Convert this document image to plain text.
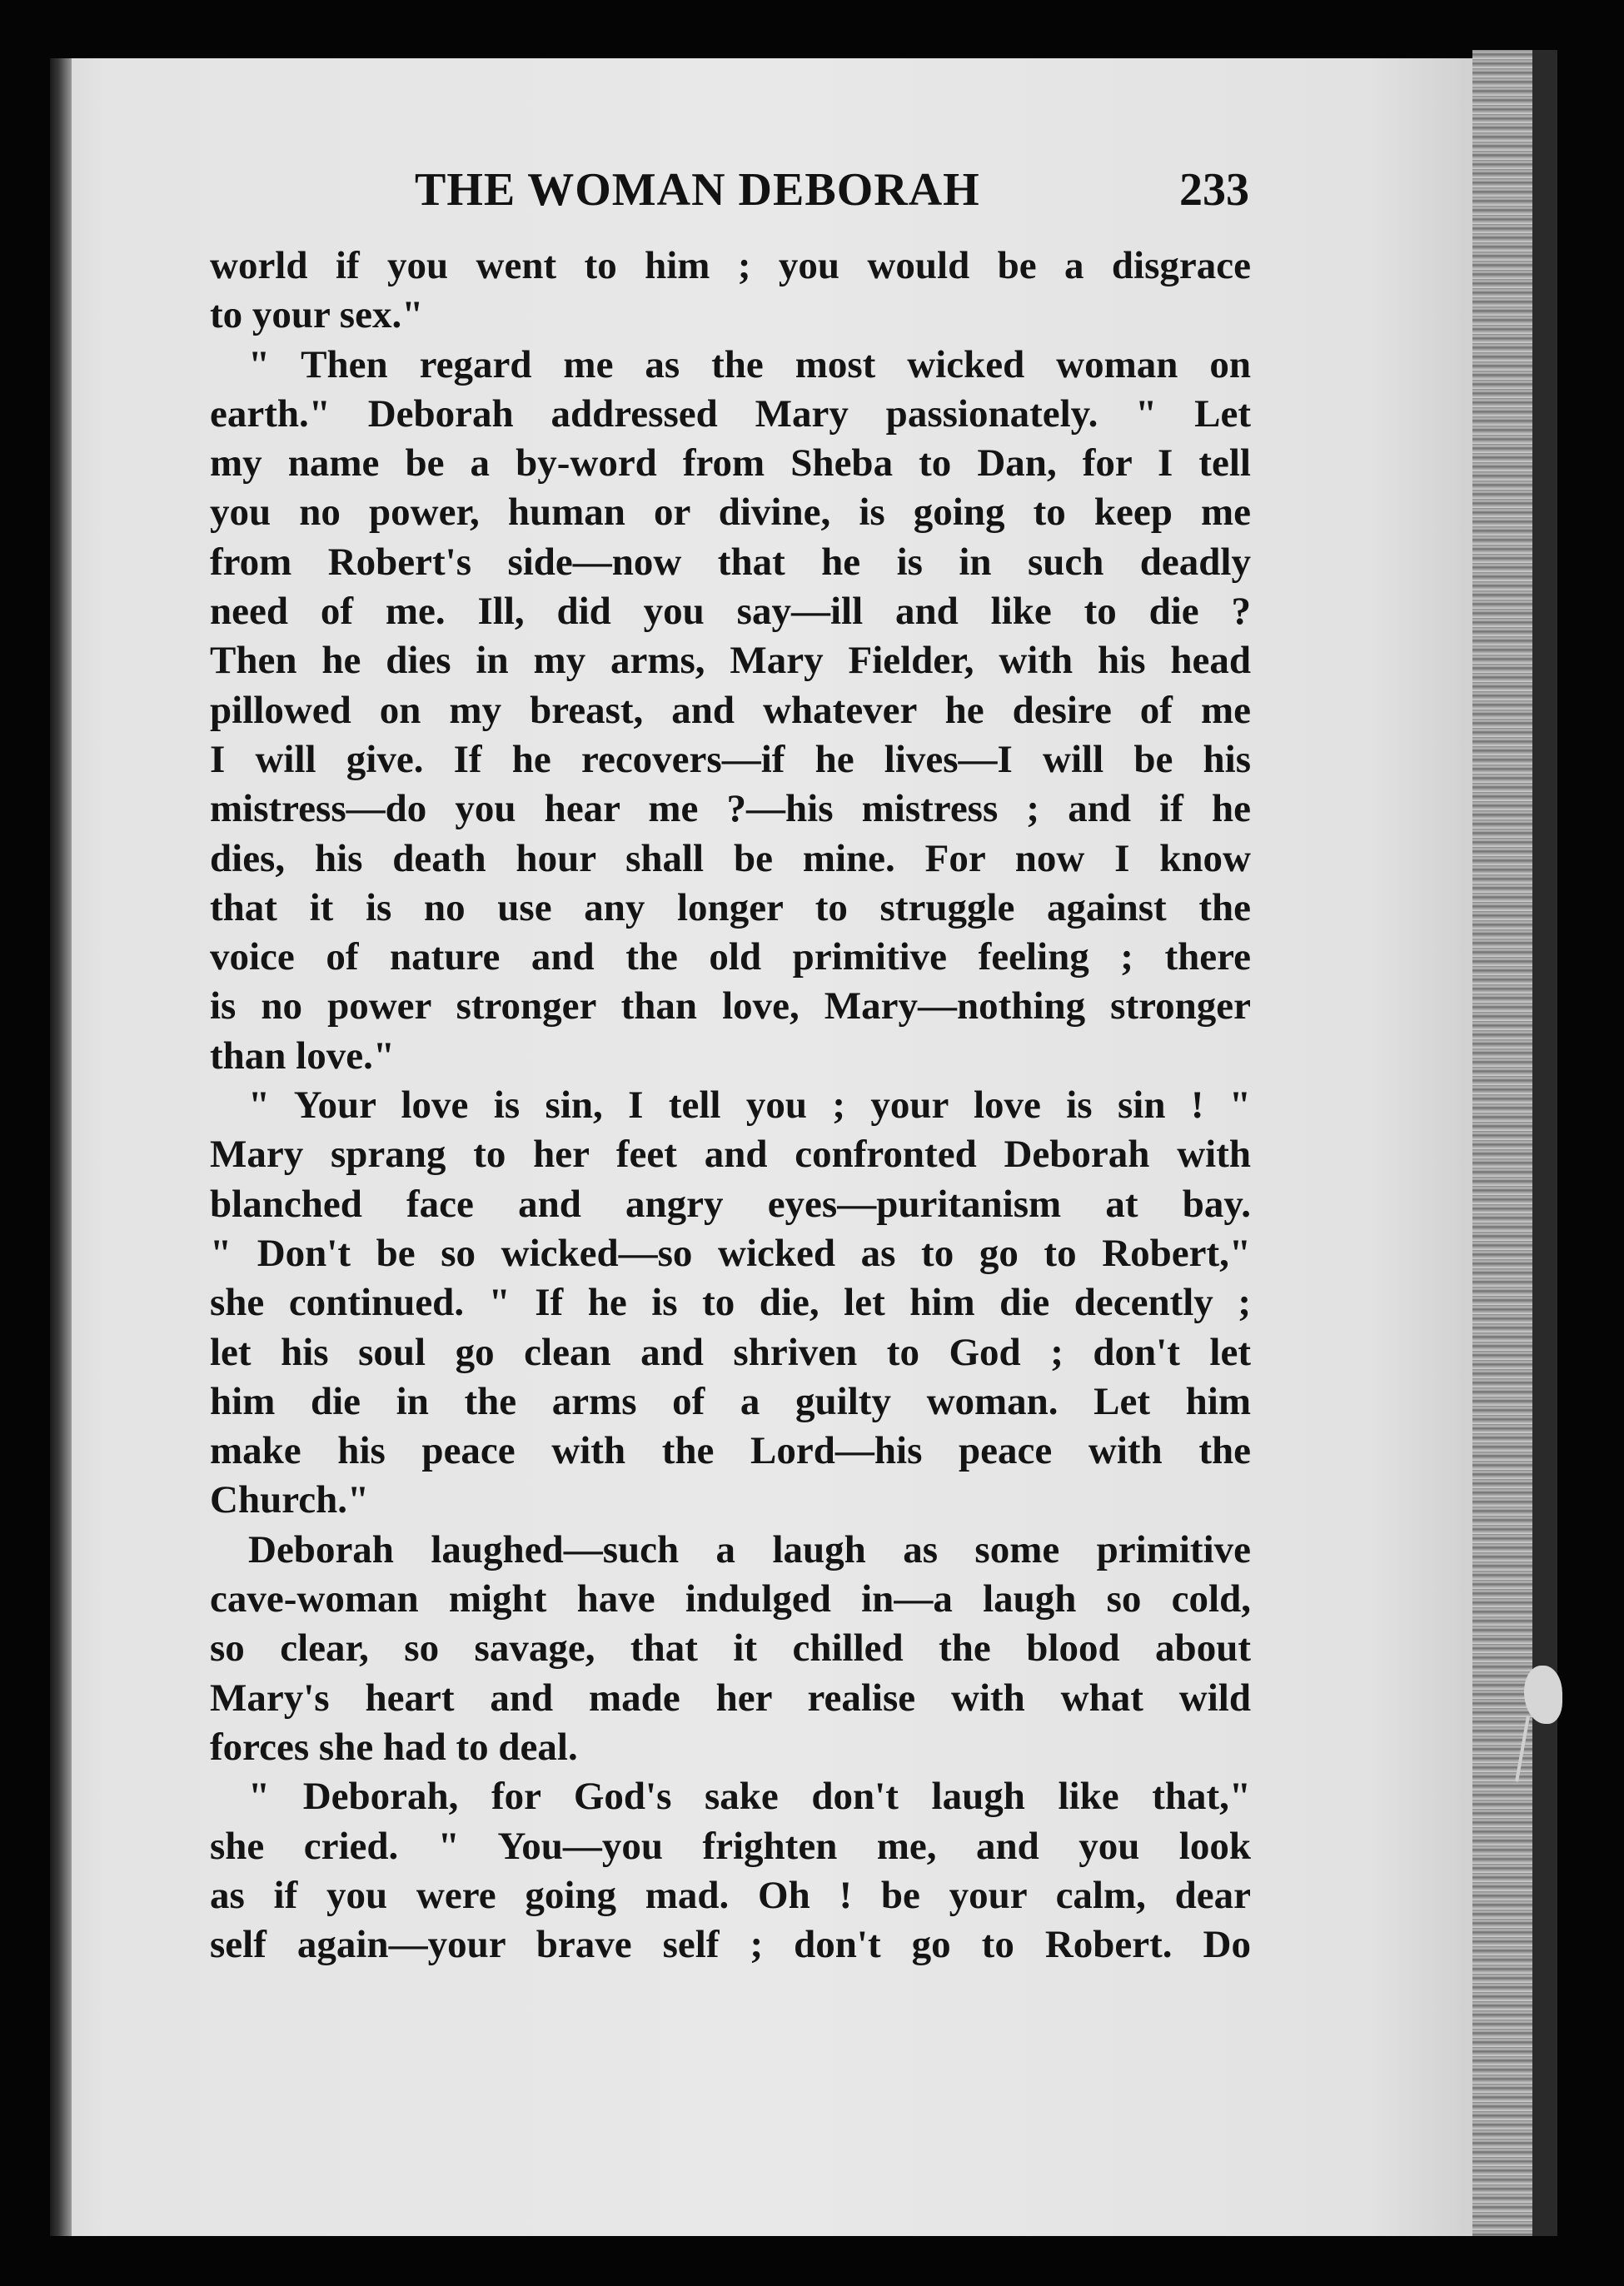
THE WOMAN DEBORAH	233
world if you went to him ; you would be a disgrace
to your sex."
" Then regard me as the most wicked woman on
earth." Deborah addressed Mary passionately. " Let
my name be a by-word from Sheba to Dan, for I tell
you no power, human or divine, is going to keep me
from Robert's side—now that he is in such deadly
need of me. Ill, did you say—ill and like to die ?
Then he dies in my arms, Mary Fielder, with his head
pillowed on my breast, and whatever he desire of me
I will give. If he recovers—if he lives—I will be his
mistress—do you hear me ?—his mistress ; and if he
dies, his death hour shall be mine. For now I know
that it is no use any longer to struggle against the
voice of nature and the old primitive feeling ; there
is no power stronger than love, Mary—nothing stronger
than love."
" Your love is sin, I tell you ; your love is sin ! "
Mary sprang to her feet and confronted Deborah with
blanched face and angry eyes—puritanism at bay.
" Don't be so wicked—so wicked as to go to Robert,"
she continued. " If he is to die, let him die decently ;
let his soul go clean and shriven to God ; don't let
him die in the arms of a guilty woman. Let him
make his peace with the Lord—his peace with the
Church."
Deborah laughed—such a laugh as some primitive
cave-woman might have indulged in—a laugh so cold,
so clear, so savage, that it chilled the blood about
Mary's heart and made her realise with what wild
forces she had to deal.
" Deborah, for God's sake don't laugh like that,"
she cried. " You—you frighten me, and you look
as if you were going mad. Oh ! be your calm, dear
self again—your brave self ; don't go to Robert. Do
